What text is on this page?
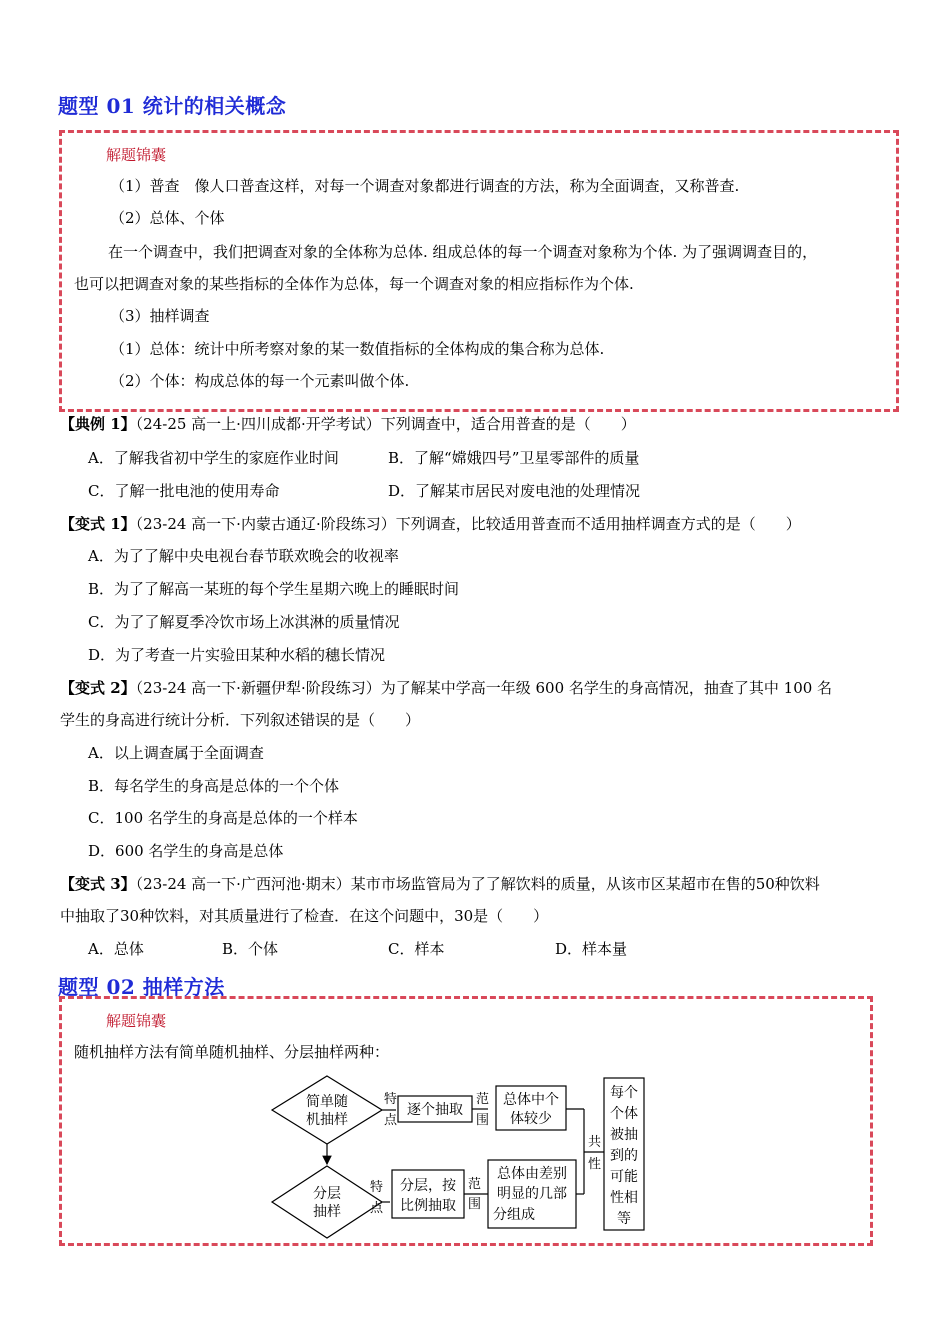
题型 01 统计的相关概念
解题锦囊
（1）普查　像人口普查这样，对每一个调查对象都进行调查的方法，称为全面调查，又称普查.
（2）总体、个体
在一个调查中，我们把调查对象的全体称为总体. 组成总体的每一个调查对象称为个体. 为了强调调查目的，
也可以把调查对象的某些指标的全体作为总体，每一个调查对象的相应指标作为个体.
（3）抽样调查
（1）总体：统计中所考察对象的某一数值指标的全体构成的集合称为总体.
（2）个体：构成总体的每一个元素叫做个体.
【典例 1】（24-25 高一上·四川成都·开学考试）下列调查中，适合用普查的是（　　）
A．了解我省初中学生的家庭作业时间	B．了解“嫦娥四号”卫星零部件的质量
C．了解一批电池的使用寿命	D．了解某市居民对废电池的处理情况
【变式 1】（23-24 高一下·内蒙古通辽·阶段练习）下列调查，比较适用普查而不适用抽样调查方式的是（　　）
A．为了了解中央电视台春节联欢晚会的收视率
B．为了了解高一某班的每个学生星期六晚上的睡眠时间
C．为了了解夏季冷饮市场上冰淇淋的质量情况
D．为了考查一片实验田某种水稻的穗长情况
【变式 2】（23-24 高一下·新疆伊犁·阶段练习）为了解某中学高一年级 600 名学生的身高情况，抽查了其中 100 名
学生的身高进行统计分析．下列叙述错误的是（　　）
A．以上调查属于全面调查
B．每名学生的身高是总体的一个个体
C．100 名学生的身高是总体的一个样本
D．600 名学生的身高是总体
【变式 3】（23-24 高一下·广西河池·期末）某市市场监管局为了了解饮料的质量，从该市区某超市在售的50种饮料
中抽取了30种饮料，对其质量进行了检查．在这个问题中，30是（　　）
A．总体	B．个体	C．样本	D．样本量
题型 02 抽样方法
解题锦囊
随机抽样方法有简单随机抽样、分层抽样两种：
简单随
机抽样
分层
抽样
特
点
逐个抽取
范
围
总体中个
体较少
特
点
分层，按
比例抽取
范
围
总体由差别
明显的几部
分组成
共
性
每个
个体
被抽
到的
可能
性相
等
